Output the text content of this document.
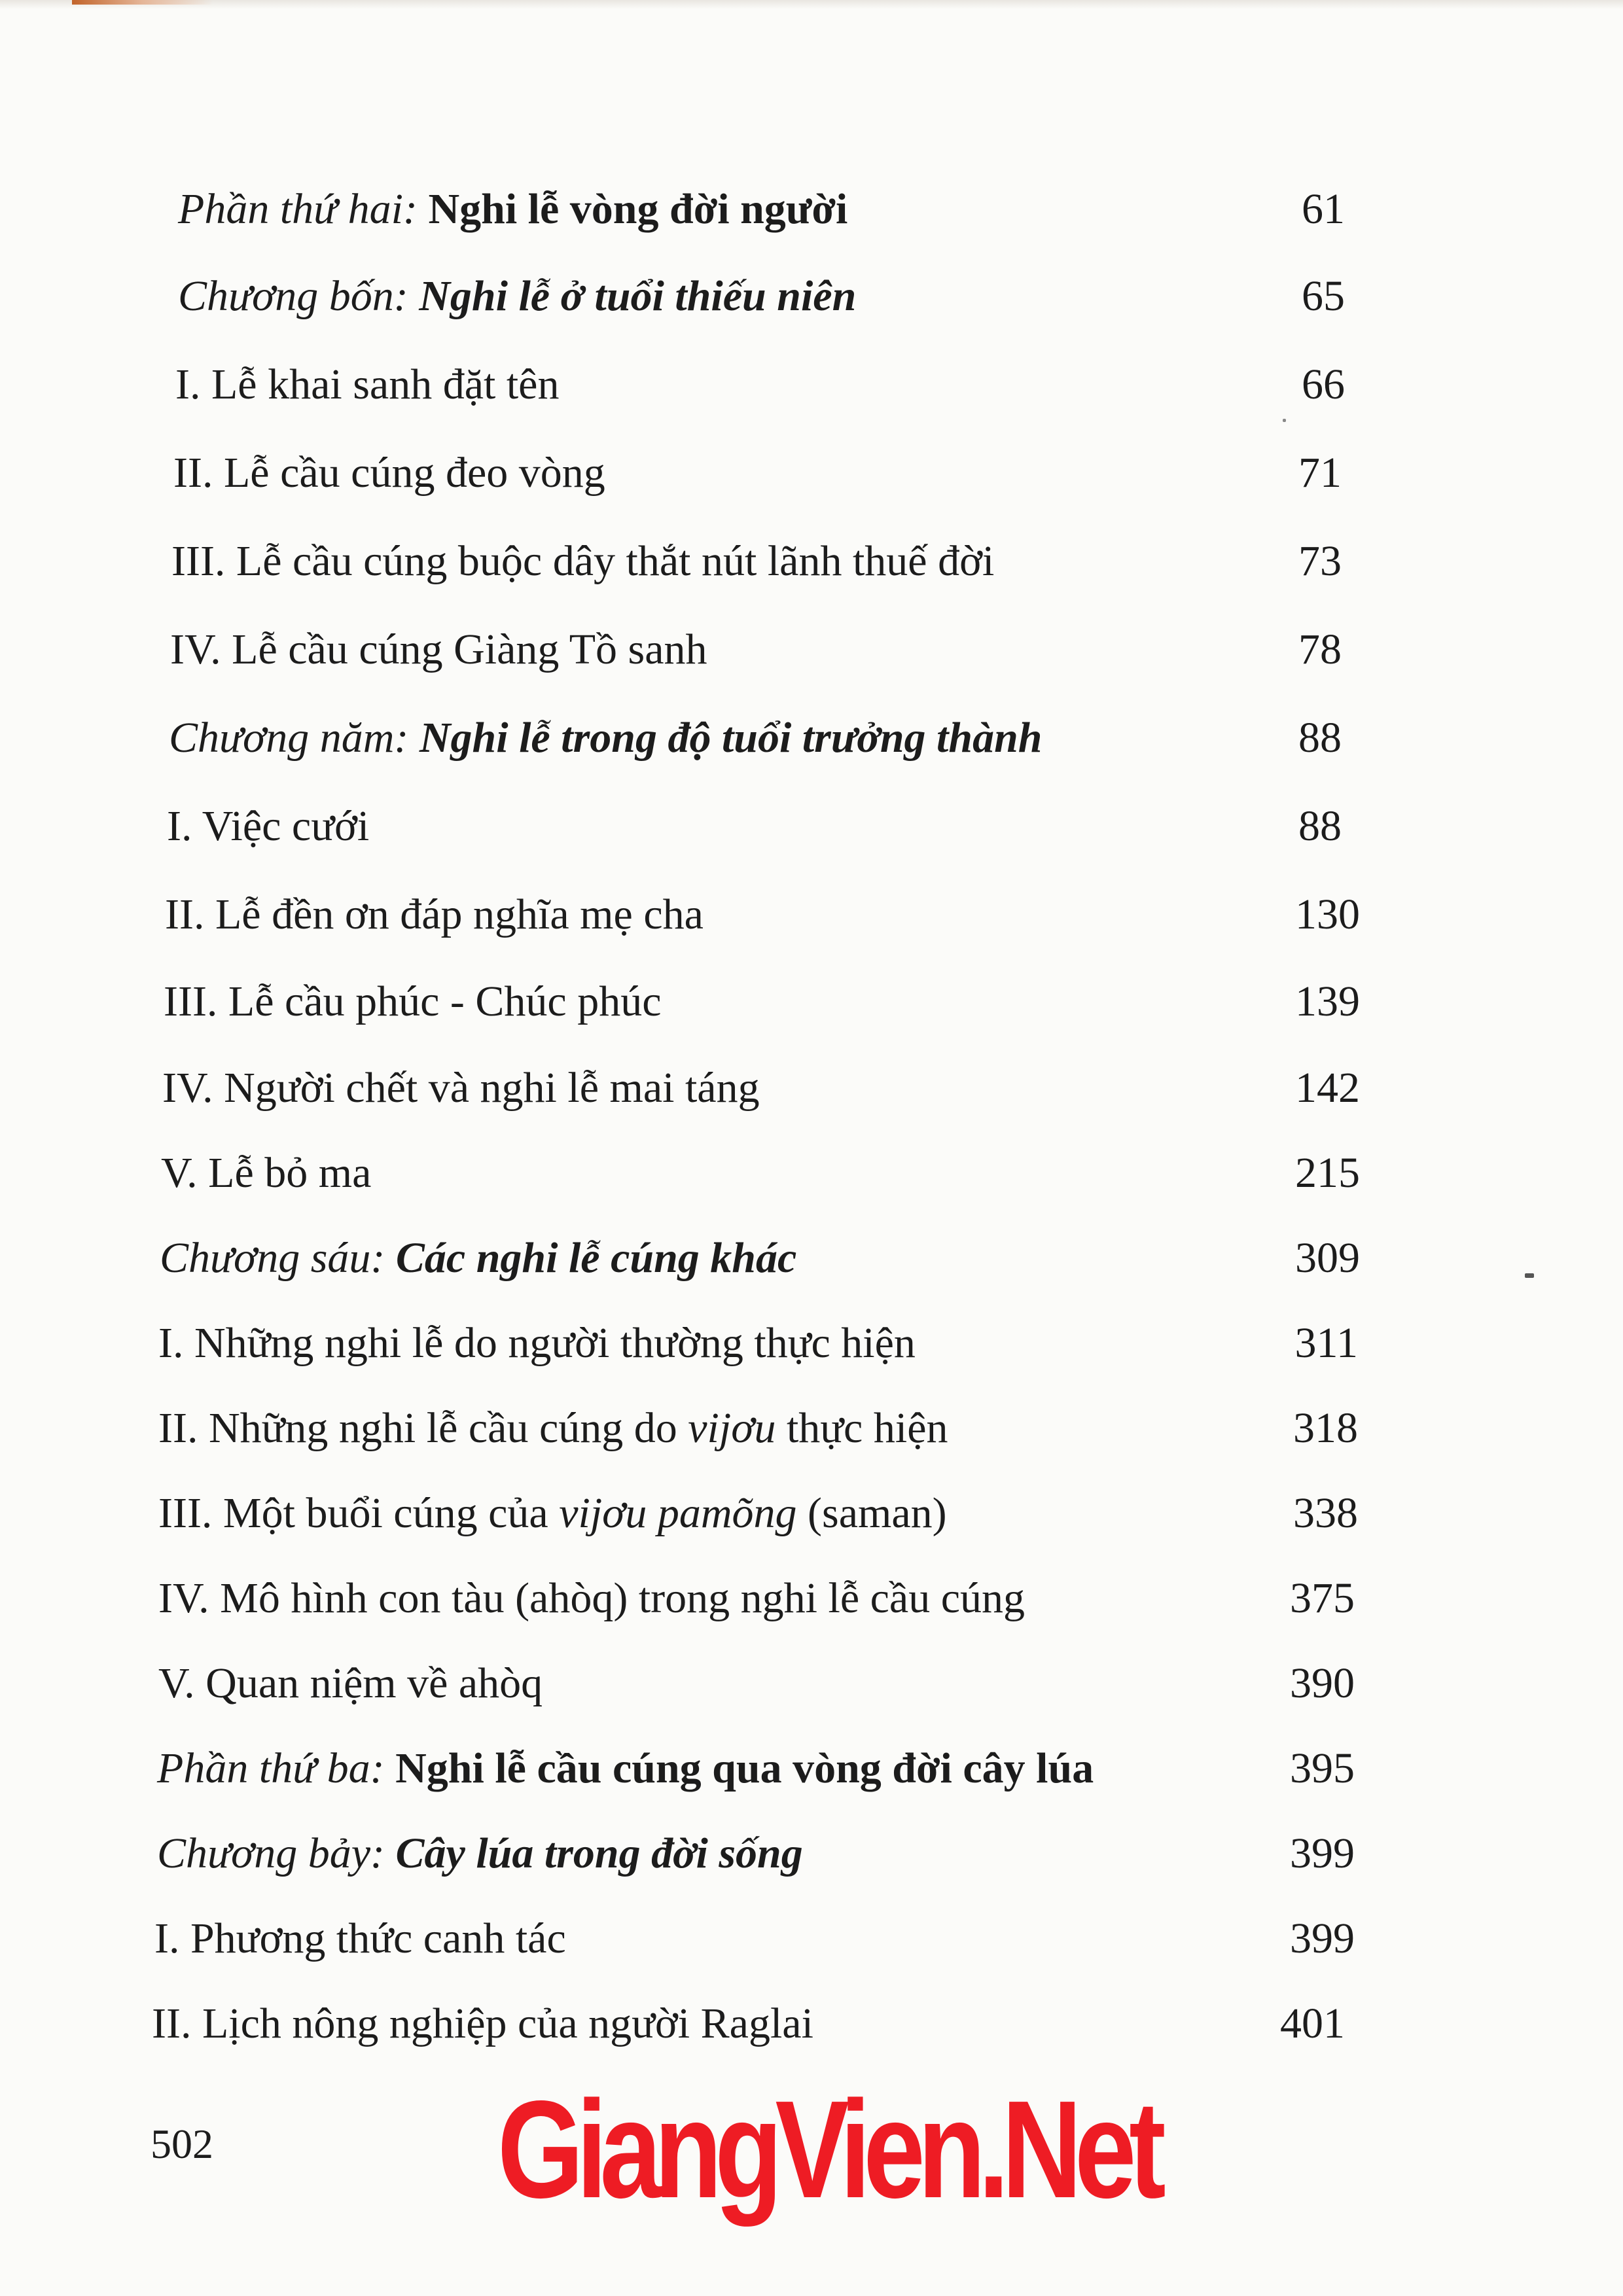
Phần thứ hai: Nghi lễ vòng đời người	61
Chương bốn: Nghi lễ ở tuổi thiếu niên	65
I. Lễ khai sanh đặt tên	66
II. Lễ cầu cúng đeo vòng	71
III. Lễ cầu cúng buộc dây thắt nút lãnh thuế đời	73
IV. Lễ cầu cúng Giàng Tồ sanh	78
Chương năm: Nghi lễ trong độ tuổi trưởng thành	88
I. Việc cưới	88
II. Lễ đền ơn đáp nghĩa mẹ cha	130
III. Lễ cầu phúc - Chúc phúc	139
IV. Người chết và nghi lễ mai táng	142
V. Lễ bỏ ma	215
Chương sáu: Các nghi lễ cúng khác	309
I. Những nghi lễ do người thường thực hiện	311
II. Những nghi lễ cầu cúng do vijơu thực hiện	318
III. Một buổi cúng của vijơu pamõng (saman)	338
IV. Mô hình con tàu (ahòq) trong nghi lễ cầu cúng	375
V. Quan niệm về ahòq	390
Phần thứ ba: Nghi lễ cầu cúng qua vòng đời cây lúa	395
Chương bảy: Cây lúa trong đời sống	399
I. Phương thức canh tác	399
II. Lịch nông nghiệp của người Raglai	401
502 GiangVien.Net
